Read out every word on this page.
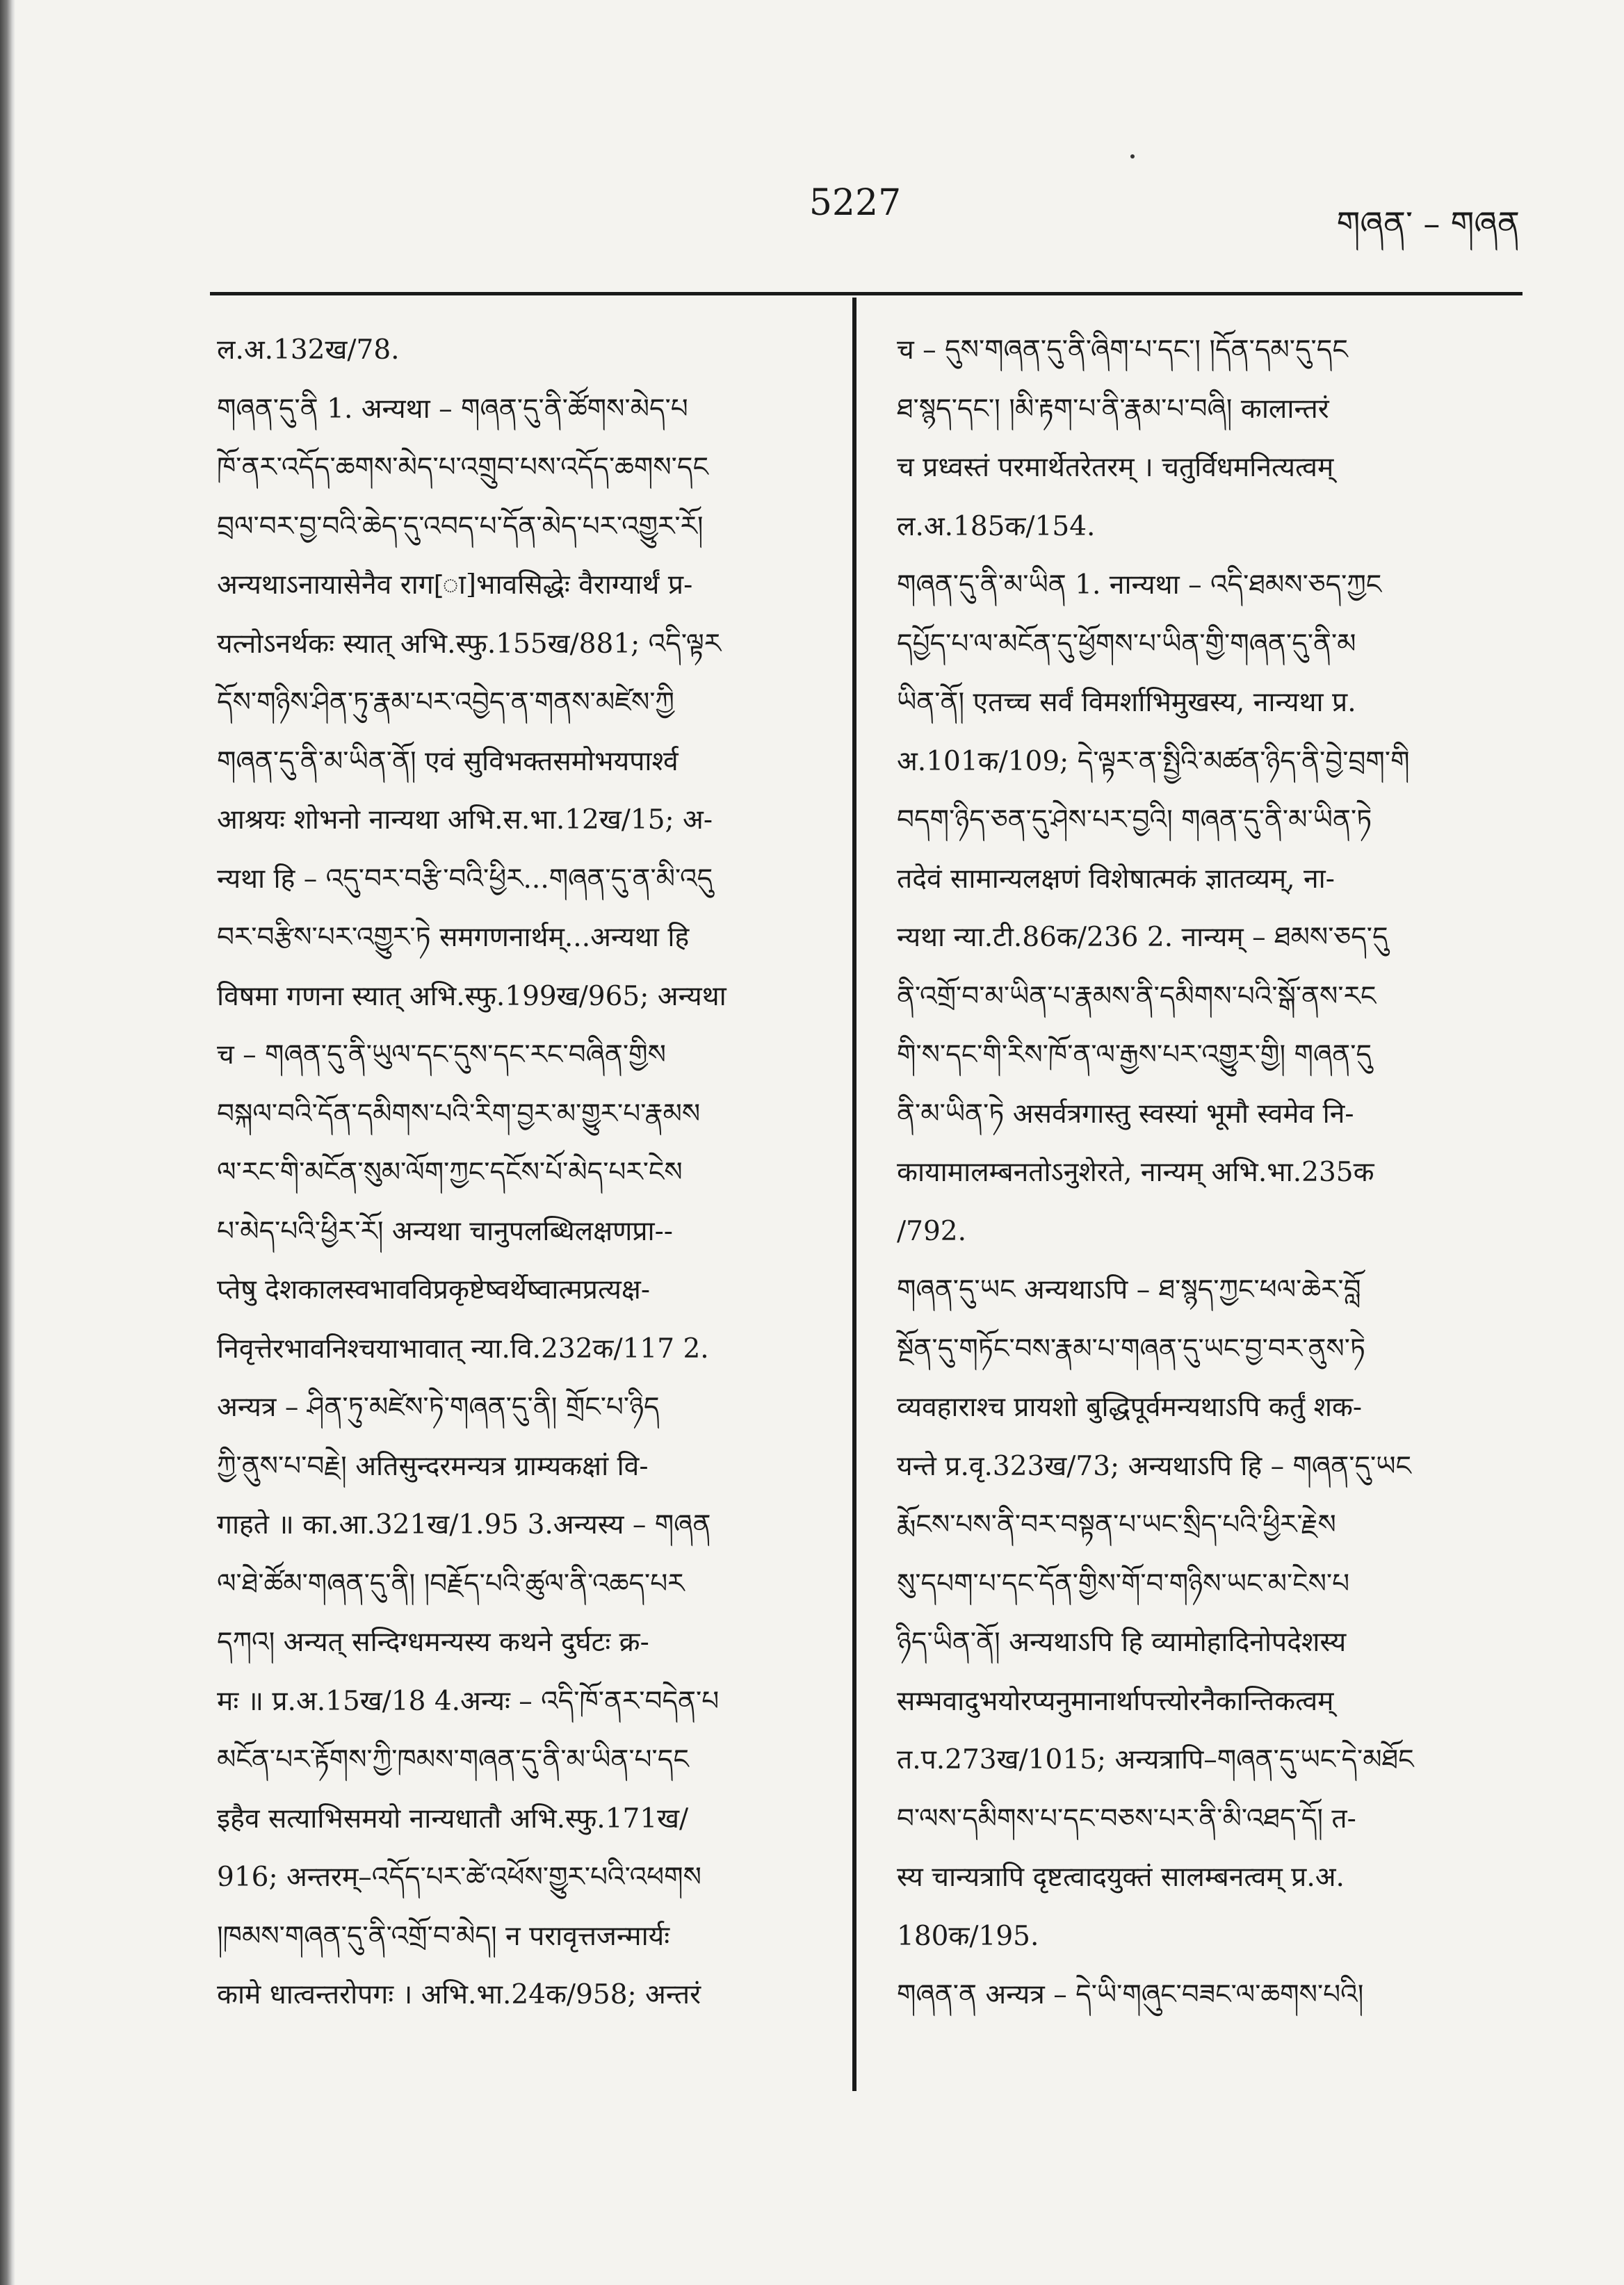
5227	གཞན་ – གཞན
ल.अ.132ख/78.
གཞན་དུ་ནི 1. अन्यथा – གཞན་དུ་ནི་ཚོགས་མེད་པ
ཁོ་ནར་འདོད་ཆགས་མེད་པ་འགྲུབ་པས་འདོད་ཆགས་དང
བྲལ་བར་བྱ་བའི་ཆེད་དུ་འབད་པ་དོན་མེད་པར་འགྱུར་རོ།
अन्यथाऽनायासेनैव राग[ा]भावसिद्धेः वैराग्यार्थं प्र-
यत्नोऽनर्थकः स्यात् अभि.स्फु.155ख/881; འདི་ལྟར
དོས་གཉིས་ཤིན་ཏུ་རྣམ་པར་འབྱེད་ན་གནས་མཛེས་ཀྱི
གཞན་དུ་ནི་མ་ཡིན་ནོ། एवं सुविभक्तसमोभयपार्श्व
आश्रयः शोभनो नान्यथा अभि.स.भा.12ख/15; अ-
न्यथा हि – འདུ་བར་བརྩི་བའི་ཕྱིར...གཞན་དུ་ན་མི་འདུ
བར་བརྩིས་པར་འགྱུར་ཏེ समगणनार्थम्...अन्यथा हि
विषमा गणना स्यात् अभि.स्फु.199ख/965; अन्यथा
च – གཞན་དུ་ནི་ཡུལ་དང་དུས་དང་རང་བཞིན་གྱིས
བསྐལ་བའི་དོན་དམིགས་པའི་རིག་བྱར་མ་གྱུར་པ་རྣམས
ལ་རང་གི་མངོན་སུམ་ལོག་ཀྱང་དངོས་པོ་མེད་པར་ངེས
པ་མེད་པའི་ཕྱིར་རོ། अन्यथा चानुपलब्धिलक्षणप्रा--
प्तेषु देशकालस्वभावविप्रकृष्टेष्वर्थेष्वात्मप्रत्यक्ष-
निवृत्तेरभावनिश्चयाभावात् न्या.वि.232क/117 2.
अन्यत्र – ཤིན་ཏུ་མཛེས་ཏེ་གཞན་དུ་ནི། གྲོང་པ་ཉིད
ཀྱི་ནུས་པ་བརྗེ། अतिसुन्दरमन्यत्र ग्राम्यकक्षां वि-
गाहते ॥ का.आ.321ख/1.95 3.अन्यस्य – གཞན
ལ་ཐེ་ཚོམ་གཞན་དུ་ནི། །བརྗོད་པའི་ཚུལ་ནི་འཆད་པར
དཀའ། अन्यत् सन्दिग्धमन्यस्य कथने दुर्घटः क्र-
मः ॥ प्र.अ.15ख/18 4.अन्यः – འདི་ཁོ་ནར་བདེན་པ
མངོན་པར་རྟོགས་ཀྱི་ཁམས་གཞན་དུ་ནི་མ་ཡིན་པ་དང
इहैव सत्याभिसमयो नान्यधातौ अभि.स्फु.171ख/
916; अन्तरम्–འདོད་པར་ཚེ་འཕོས་གྱུར་པའི་འཕགས
།ཁམས་གཞན་དུ་ནི་འགྲོ་བ་མེད། न परावृत्तजन्मार्यः
कामे धात्वन्तरोपगः । अभि.भा.24क/958; अन्तरं
च – དུས་གཞན་དུ་ནི་ཞིག་པ་དང་། །དོན་དམ་དུ་དང
ཐ་སྙད་དང་། །མི་རྟག་པ་ནི་རྣམ་པ་བཞི། कालान्तरं
च प्रध्वस्तं परमार्थेतरेतरम् । चतुर्विधमनित्यत्वम्
ल.अ.185क/154.
གཞན་དུ་ནི་མ་ཡིན 1. नान्यथा – འདི་ཐམས་ཅད་ཀྱང
དཔྱོད་པ་ལ་མངོན་དུ་ཕྱོགས་པ་ཡིན་གྱི་གཞན་དུ་ནི་མ
ཡིན་ནོ། एतच्च सर्वं विमर्शाभिमुखस्य, नान्यथा प्र.
अ.101क/109; དེ་ལྟར་ན་སྤྱིའི་མཚན་ཉིད་ནི་བྱེ་བྲག་གི
བདག་ཉིད་ཅན་དུ་ཤེས་པར་བྱའི། གཞན་དུ་ནི་མ་ཡིན་ཏེ
तदेवं सामान्यलक्षणं विशेषात्मकं ज्ञातव्यम्, ना-
न्यथा न्या.टी.86क/236 2. नान्यम् – ཐམས་ཅད་དུ
ནི་འགྲོ་བ་མ་ཡིན་པ་རྣམས་ནི་དམིགས་པའི་སྒོ་ནས་རང
གི་ས་དང་གི་རིས་ཁོ་ན་ལ་རྒྱས་པར་འགྱུར་གྱི། གཞན་དུ
ནི་མ་ཡིན་ཏེ असर्वत्रगास्तु स्वस्यां भूमौ स्वमेव नि-
कायामालम्बनतोऽनुशेरते, नान्यम् अभि.भा.235क
/792.
གཞན་དུ་ཡང अन्यथाऽपि – ཐ་སྙད་ཀྱང་ཕལ་ཆེར་བློ
སྔོན་དུ་གཏོང་བས་རྣམ་པ་གཞན་དུ་ཡང་བྱ་བར་ནུས་ཏེ
व्यवहाराश्च प्रायशो बुद्धिपूर्वमन्यथाऽपि कर्तुं शक-
यन्ते प्र.वृ.323ख/73; अन्यथाऽपि हि – གཞན་དུ་ཡང
རྨོངས་པས་ནི་བར་བསྟན་པ་ཡང་སྲིད་པའི་ཕྱིར་རྗེས
སུ་དཔག་པ་དང་དོན་གྱིས་གོ་བ་གཉིས་ཡང་མ་ངེས་པ
ཉིད་ཡིན་ནོ། अन्यथाऽपि हि व्यामोहादिनोपदेशस्य
सम्भवादुभयोरप्यनुमानार्थापत्त्योरनैकान्तिकत्वम्
त.प.273ख/1015; अन्यत्रापि–གཞན་དུ་ཡང་དེ་མཐོང
བ་ལས་དམིགས་པ་དང་བཅས་པར་ནི་མི་འཐད་དོ། त-
स्य चान्यत्रापि दृष्टत्वादयुक्तं सालम्बनत्वम् प्र.अ.
180क/195.
གཞན་ན अन्यत्र – དེ་ཡི་གཞུང་བཟང་ལ་ཆགས་པའི།
